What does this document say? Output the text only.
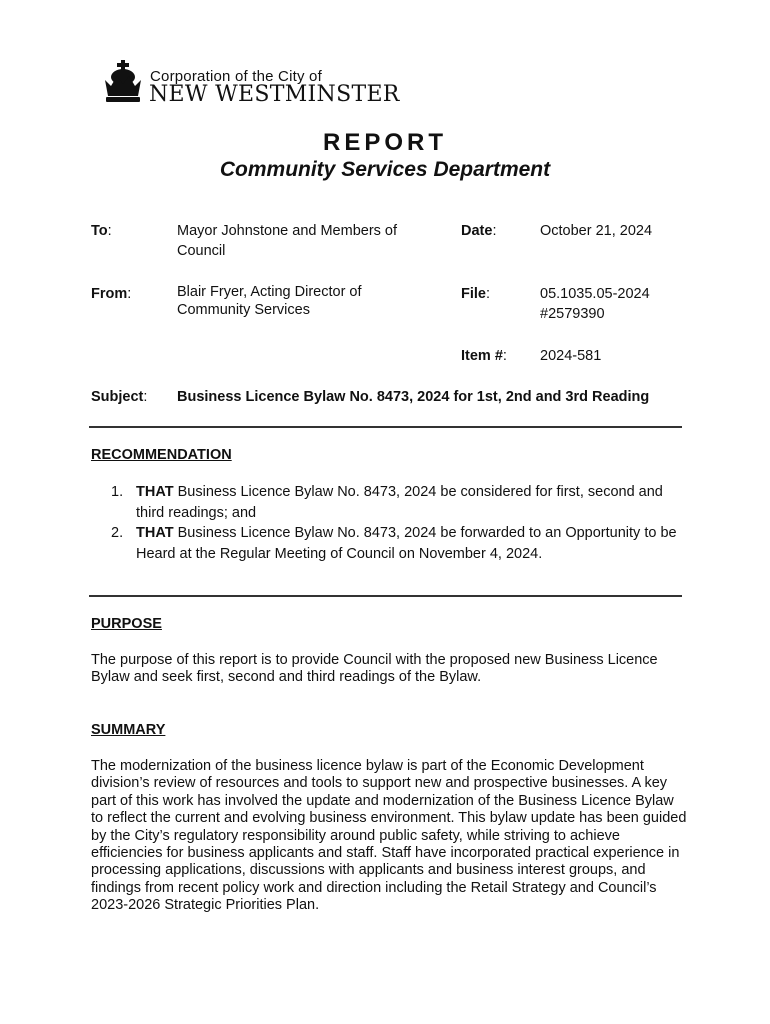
Corporation of the City of
NEW WESTMINSTER
REPORT
Community Services Department
To:	Mayor Johnstone and Members of
Council
Date:	October 21, 2024
From:	Blair Fryer, Acting Director of
Community Services
File:	05.1035.05-2024
#2579390
Item #: 2024-581
Subject: Business Licence Bylaw No. 8473, 2024 for 1st, 2nd and 3rd Reading
RECOMMENDATION
1. THAT Business Licence Bylaw No. 8473, 2024 be considered for first, second and third readings; and
2. THAT Business Licence Bylaw No. 8473, 2024 be forwarded to an Opportunity to be Heard at the Regular Meeting of Council on November 4, 2024.
PURPOSE

The purpose of this report is to provide Council with the proposed new Business Licence Bylaw and seek first, second and third readings of the Bylaw.

SUMMARY

The modernization of the business licence bylaw is part of the Economic Development division’s review of resources and tools to support new and prospective businesses. A key part of this work has involved the update and modernization of the Business Licence Bylaw to reflect the current and evolving business environment. This bylaw update has been guided by the City’s regulatory responsibility around public safety, while striving to achieve efficiencies for business applicants and staff. Staff have incorporated practical experience in processing applications, discussions with applicants and business interest groups, and findings from recent policy work and direction including the Retail Strategy and Council’s 2023-2026 Strategic Priorities Plan.
